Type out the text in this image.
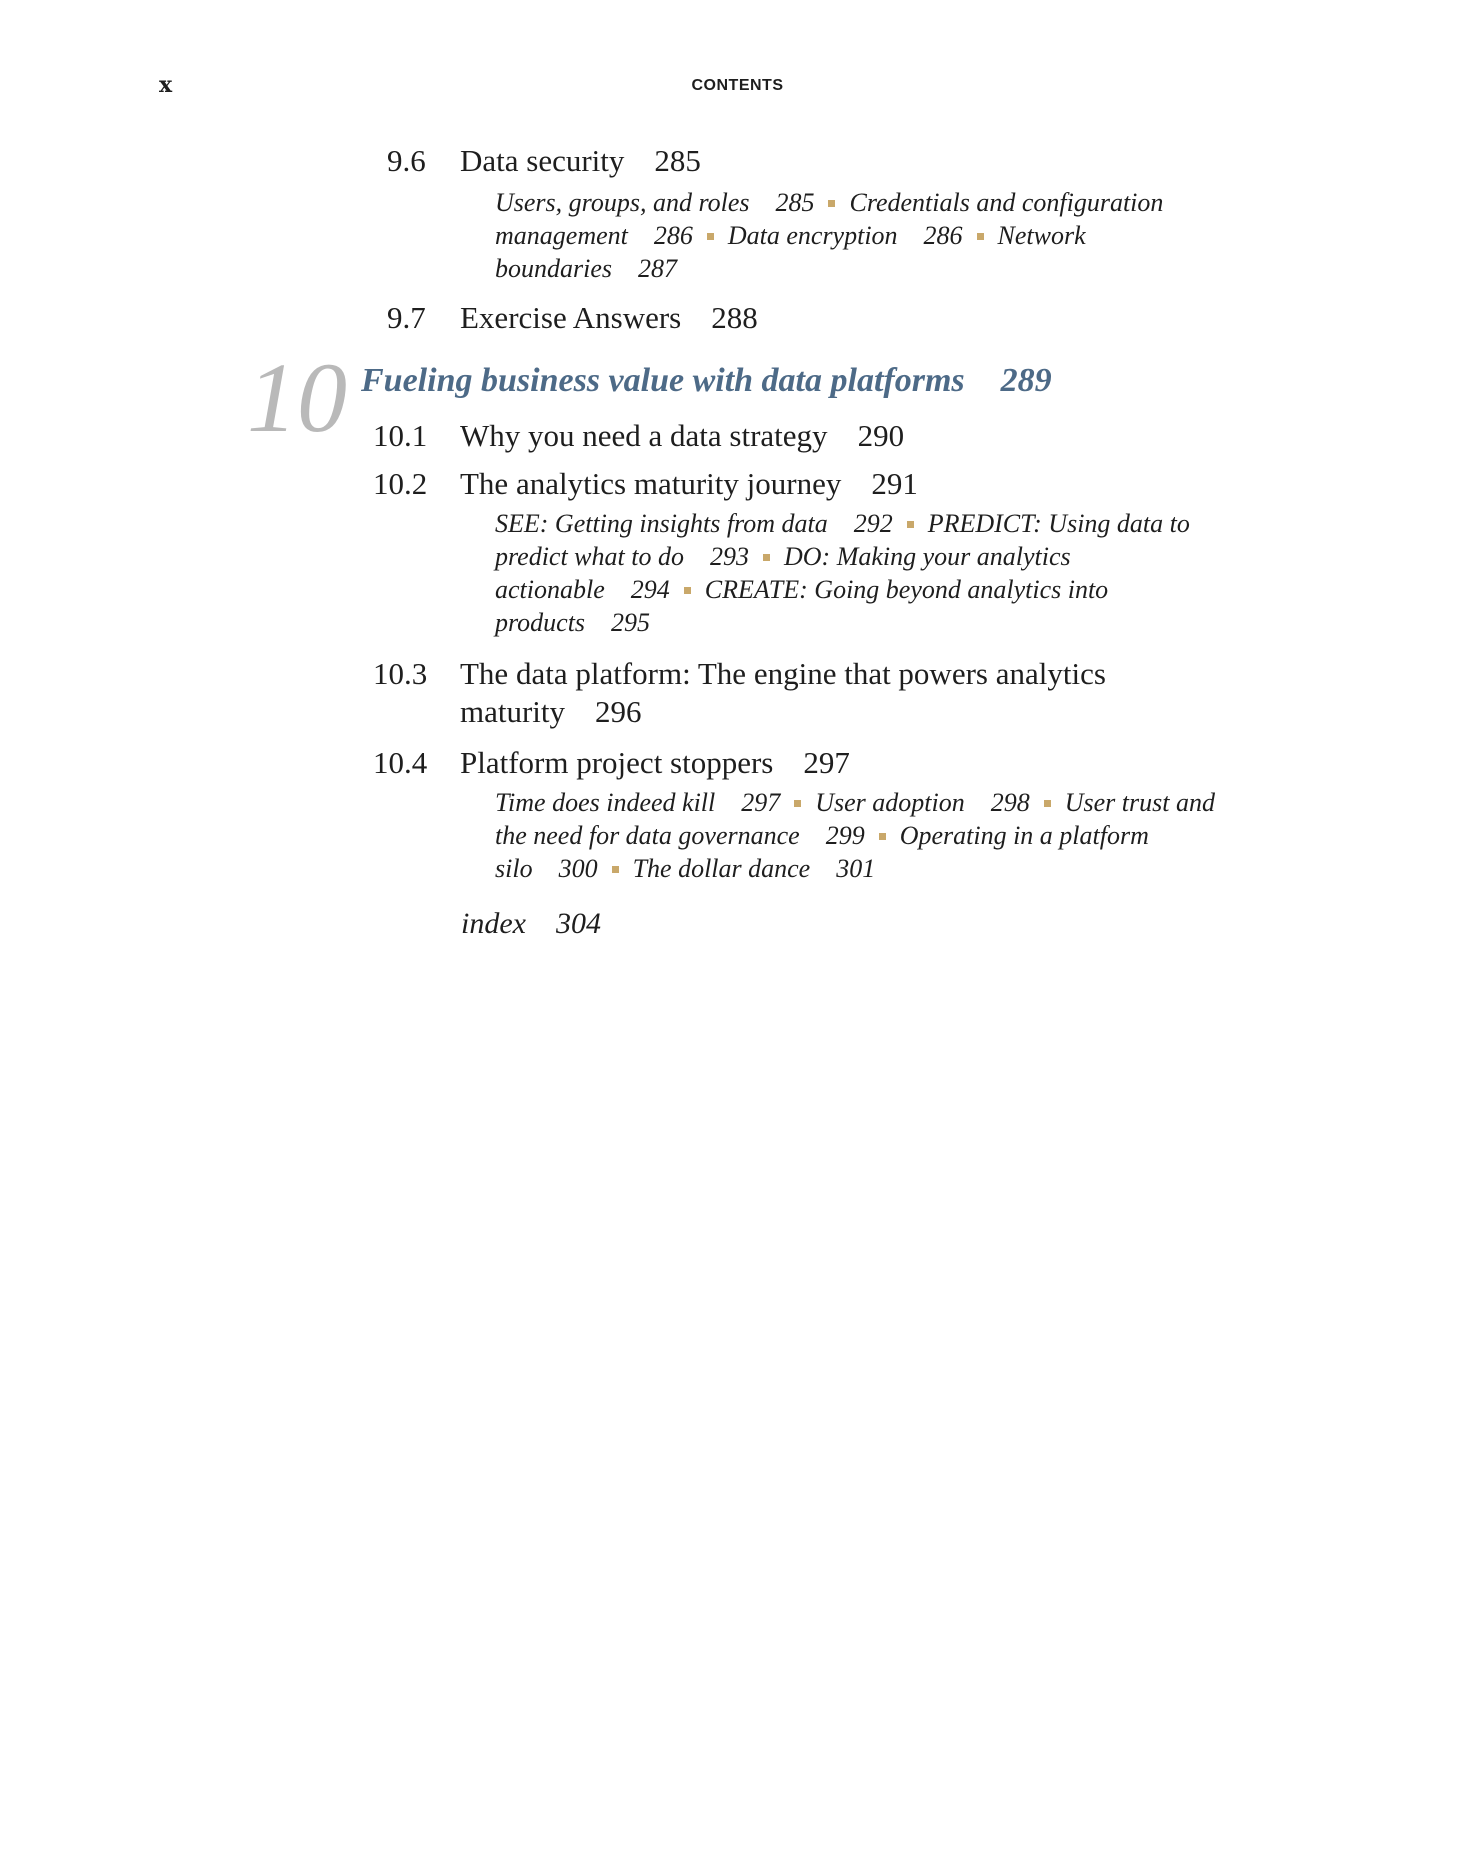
x	CONTENTS
9.6 Data security 285
Users, groups, and roles 285 Credentials and configuration
management 286 Data encryption 286 Network
boundaries 287
9.7 Exercise Answers 288
10 Fueling business value with data platforms 289
10.1 Why you need a data strategy 290
10.2 The analytics maturity journey 291
SEE: Getting insights from data 292 PREDICT: Using data to
predict what to do 293 DO: Making your analytics
actionable 294 CREATE: Going beyond analytics into
products 295
10.3 The data platform: The engine that powers analytics
maturity 296
10.4 Platform project stoppers 297
Time does indeed kill 297 User adoption 298 User trust and
the need for data governance 299 Operating in a platform
silo 300 The dollar dance 301
index 304
